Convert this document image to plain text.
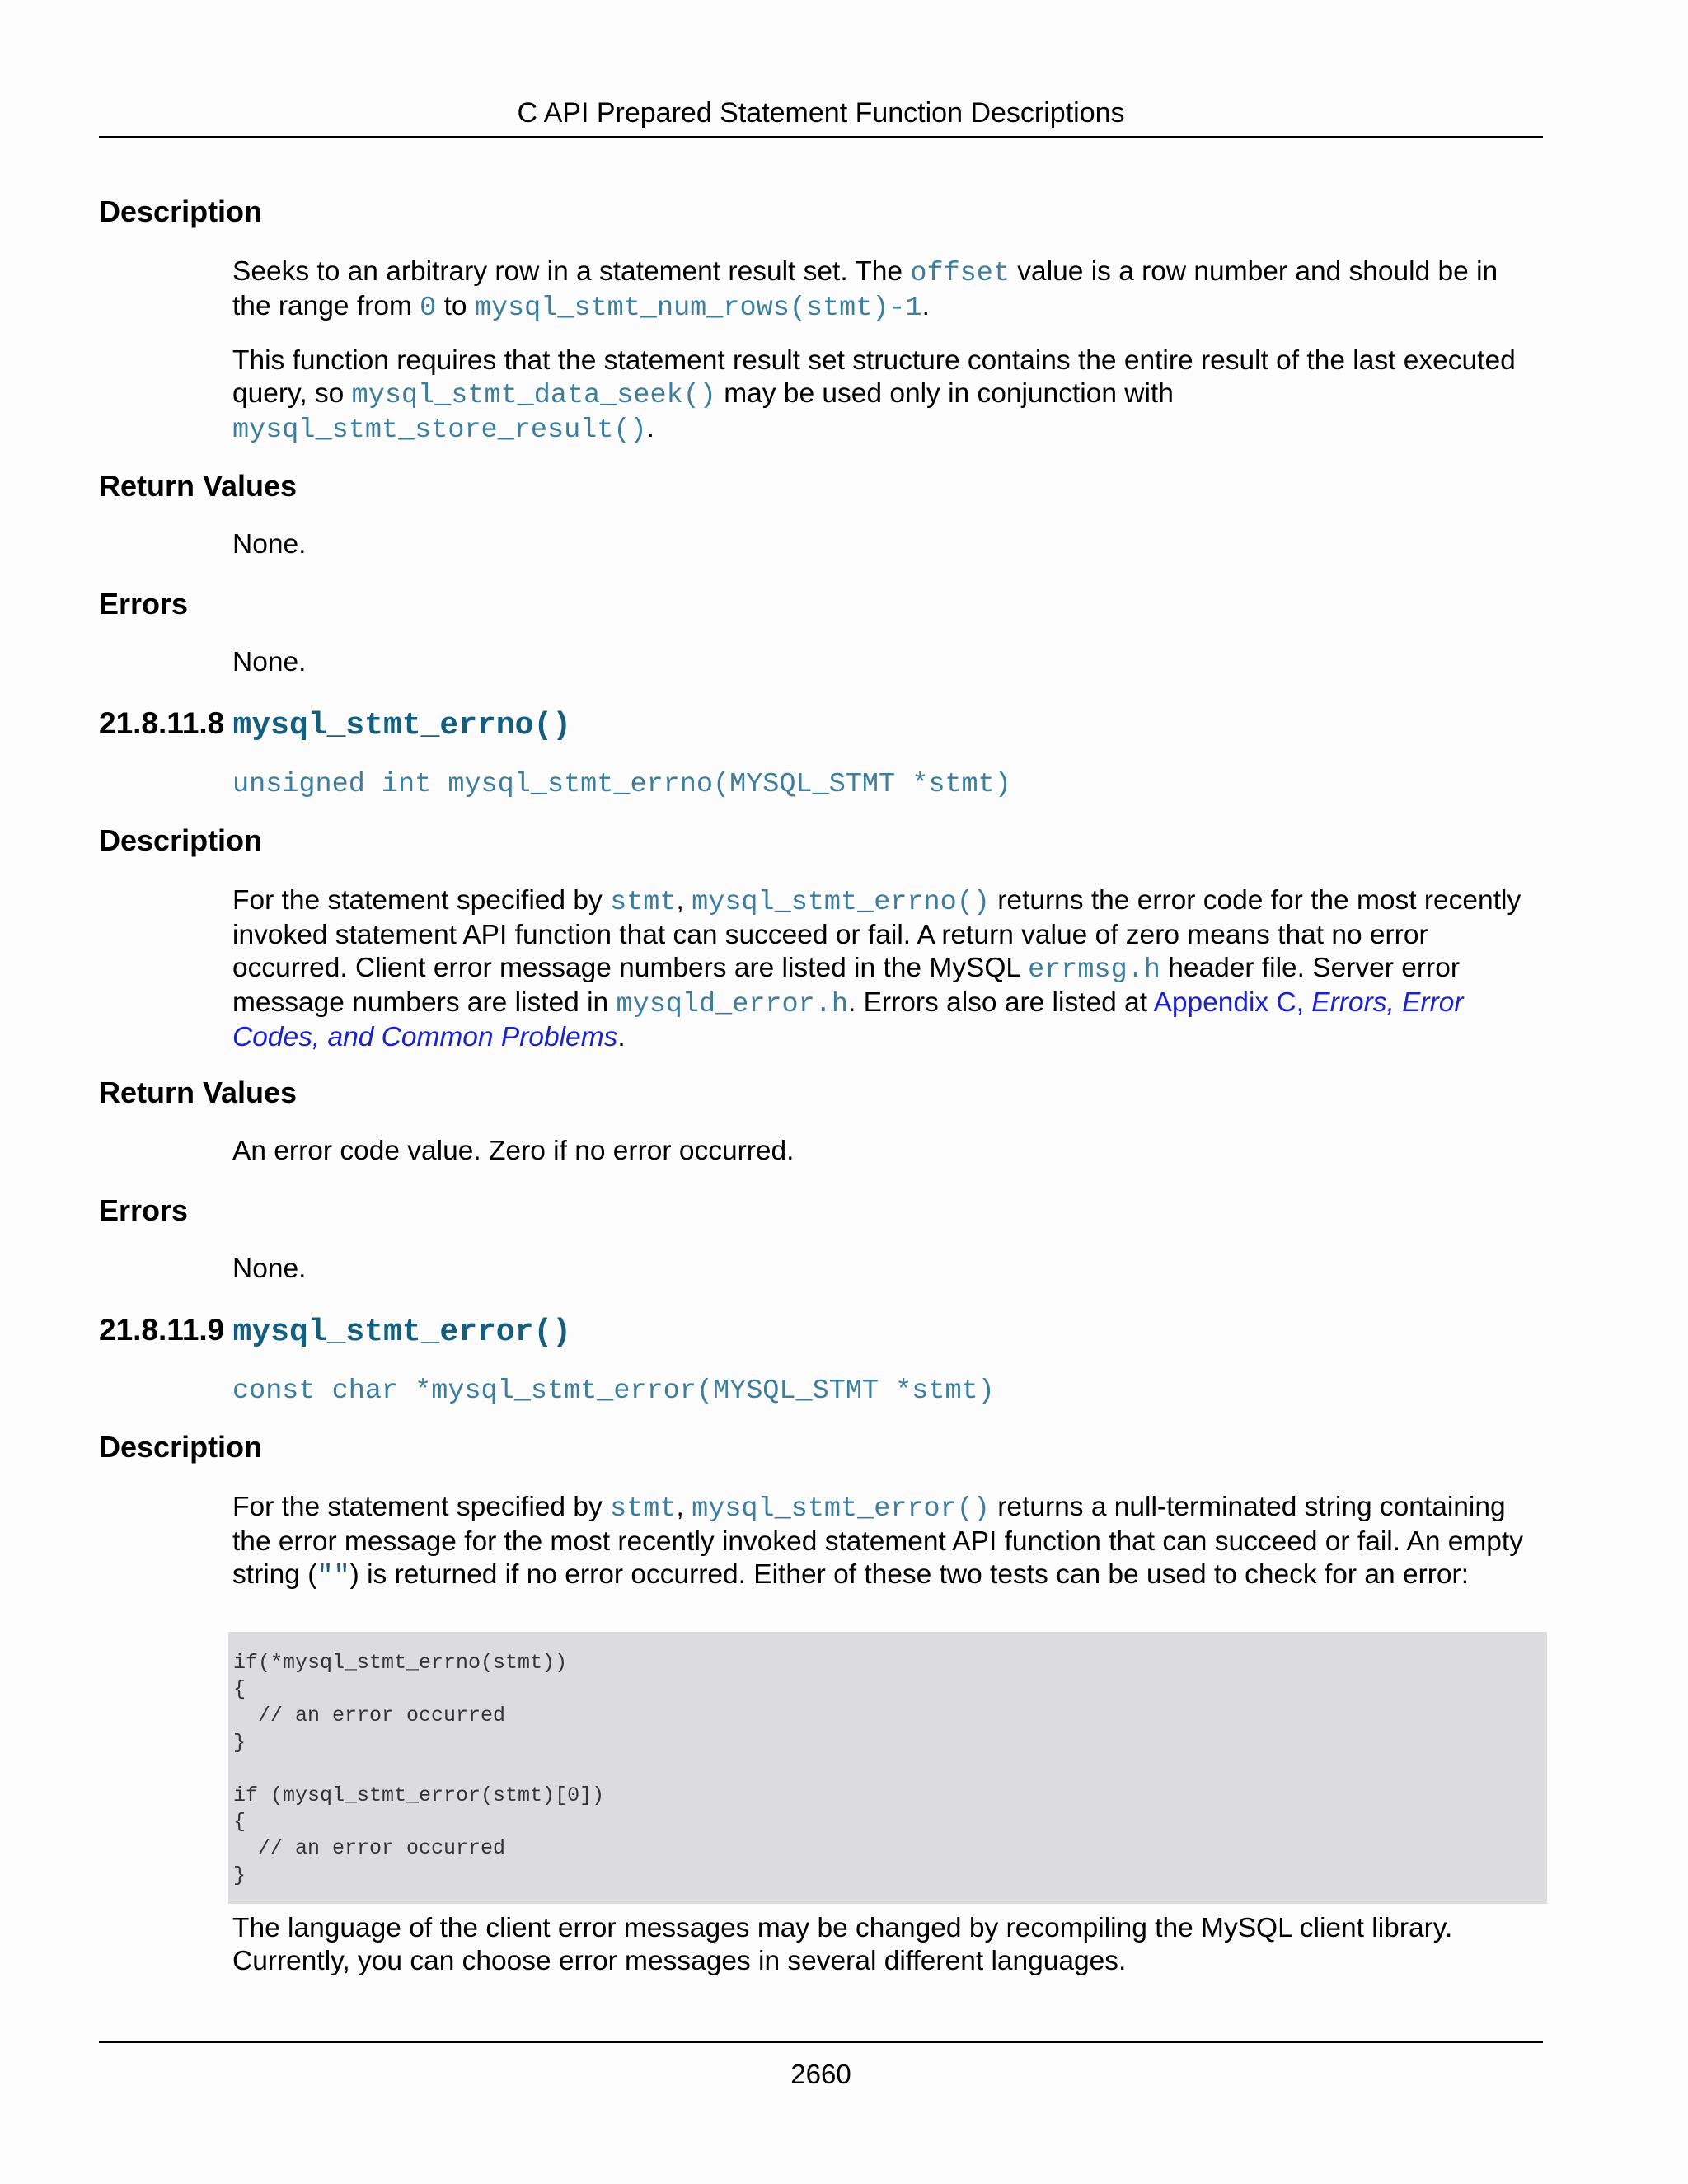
C API Prepared Statement Function Descriptions
Description

Seeks to an arbitrary row in a statement result set. The offset value is a row number and should be in the range from 0 to mysql_stmt_num_rows(stmt)-1.

This function requires that the statement result set structure contains the entire result of the last executed query, so mysql_stmt_data_seek() may be used only in conjunction with mysql_stmt_store_result().

Return Values
None.
Errors
None.
21.8.11.8 mysql_stmt_errno()
unsigned int mysql_stmt_errno(MYSQL_STMT *stmt)
Description

For the statement specified by stmt, mysql_stmt_errno() returns the error code for the most recently invoked statement API function that can succeed or fail. A return value of zero means that no error occurred. Client error message numbers are listed in the MySQL errmsg.h header file. Server error message numbers are listed in mysqld_error.h. Errors also are listed at Appendix C, Errors, Error Codes, and Common Problems.

Return Values
An error code value. Zero if no error occurred.
Errors
None.
21.8.11.9 mysql_stmt_error()
const char *mysql_stmt_error(MYSQL_STMT *stmt)
Description

For the statement specified by stmt, mysql_stmt_error() returns a null-terminated string containing the error message for the most recently invoked statement API function that can succeed or fail. An empty string ("") is returned if no error occurred. Either of these two tests can be used to check for an error:

if(*mysql_stmt_errno(stmt))
{
// an error occurred
}

if (mysql_stmt_error(stmt)[0])
{
// an error occurred
}
The language of the client error messages may be changed by recompiling the MySQL client library. Currently, you can choose error messages in several different languages.
2660
